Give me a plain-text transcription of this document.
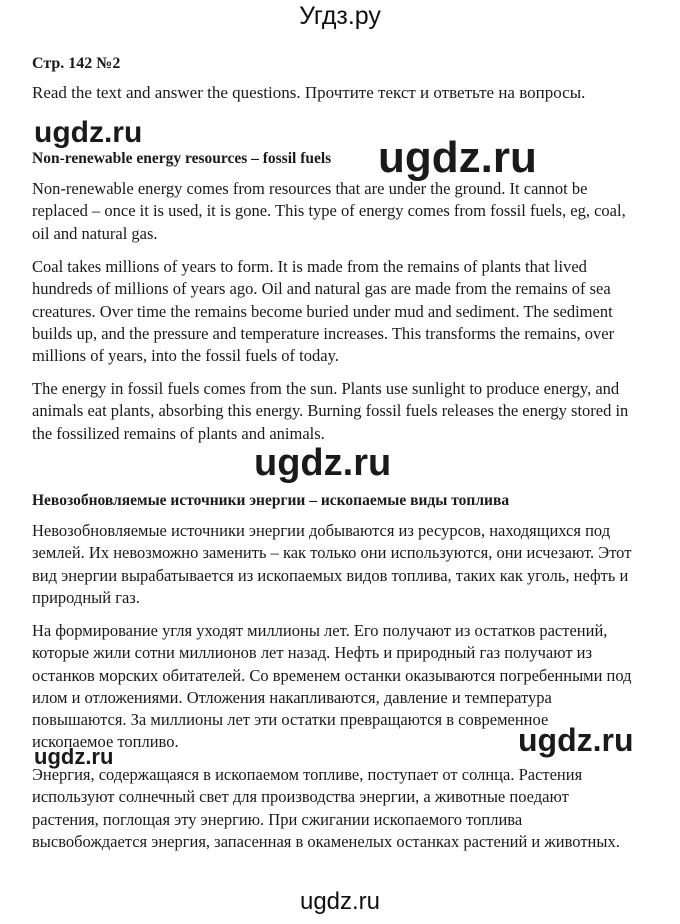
Угдз.ру
Стр. 142 №2
Read the text and answer the questions. Прочтите текст и ответьте на вопросы.
ugdz.ru
Non-renewable energy resources – fossil fuels ugdz.ru

Non-renewable energy comes from resources that are under the ground. It cannot be replaced – once it is used, it is gone. This type of energy comes from fossil fuels, eg, coal, oil and natural gas.

Coal takes millions of years to form. It is made from the remains of plants that lived hundreds of millions of years ago. Oil and natural gas are made from the remains of sea creatures. Over time the remains become buried under mud and sediment. The sediment builds up, and the pressure and temperature increases. This transforms the remains, over millions of years, into the fossil fuels of today.

The energy in fossil fuels comes from the sun. Plants use sunlight to produce energy, and animals eat plants, absorbing this energy. Burning fossil fuels releases the energy stored in the fossilized remains of plants and animals.

ugdz.ru
Невозобновляемые источники энергии – ископаемые виды топлива

Невозобновляемые источники энергии добываются из ресурсов, находящихся под землей. Их невозможно заменить – как только они используются, они исчезают. Этот вид энергии вырабатывается из ископаемых видов топлива, таких как уголь, нефть и природный газ.

На формирование угля уходят миллионы лет. Его получают из остатков растений, которые жили сотни миллионов лет назад. Нефть и природный газ получают из останков морских обитателей. Со временем останки оказываются погребенными под илом и отложениями. Отложения накапливаются, давление и температура повышаются. За миллионы лет эти остатки превращаются в современное ископаемое топливо.

ugdz.ru	ugdz.ru

Энергия, содержащаяся в ископаемом топливе, поступает от солнца. Растения используют солнечный свет для производства энергии, а животные поедают растения, поглощая эту энергию. При сжигании ископаемого топлива высвобождается энергия, запасенная в окаменелых останках растений и животных.

ugdz.ru
